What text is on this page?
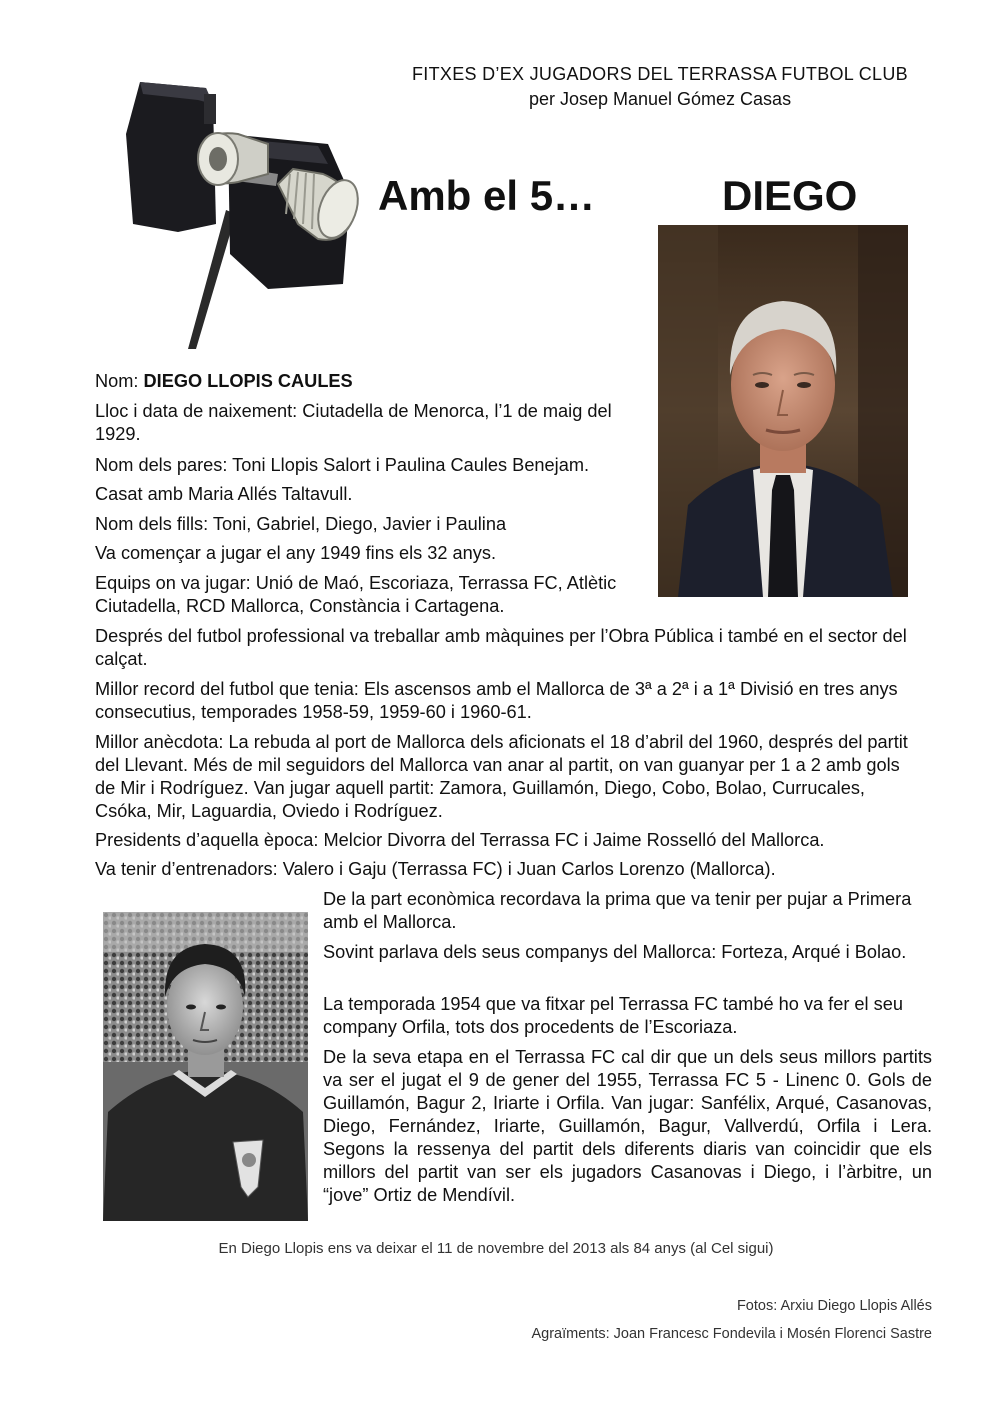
FITXES D’EX JUGADORS DEL TERRASSA FUTBOL CLUB
per Josep Manuel Gómez Casas
Amb el 5…	DIEGO
Nom: DIEGO LLOPIS CAULES
Lloc i data de naixement: Ciutadella de Menorca, l’1 de maig del 1929.
Nom dels pares: Toni Llopis Salort i Paulina Caules Benejam.
Casat amb Maria Allés Taltavull.
Nom dels fills: Toni, Gabriel, Diego, Javier i Paulina
Va començar a jugar el any 1949 fins els 32 anys.
Equips on va jugar: Unió de Maó, Escoriaza, Terrassa FC, Atlètic Ciutadella, RCD Mallorca, Constància i Cartagena.
Després del futbol professional va treballar amb màquines per l’Obra Pública i també en el sector del calçat.
Millor record del futbol que tenia: Els ascensos amb el Mallorca de 3ª a 2ª i a 1ª Divisió en tres anys consecutius, temporades 1958-59, 1959-60 i 1960-61.
Millor anècdota: La rebuda al port de Mallorca dels aficionats el 18 d’abril del 1960, després del partit del Llevant. Més de mil seguidors del Mallorca van anar al partit, on van guanyar per 1 a 2 amb gols de Mir i Rodríguez. Van jugar aquell partit: Zamora, Guillamón, Diego, Cobo, Bolao, Currucales, Csóka, Mir, Laguardia, Oviedo i Rodríguez.
Presidents d’aquella època: Melcior Divorra del Terrassa FC i Jaime Rosselló del Mallorca.
Va tenir d’entrenadors: Valero i Gaju (Terrassa FC) i Juan Carlos Lorenzo (Mallorca).
De la part econòmica recordava la prima que va tenir per pujar a Primera amb el Mallorca.
Sovint parlava dels seus companys del Mallorca: Forteza, Arqué i Bolao.
La temporada 1954 que va fitxar pel Terrassa FC també ho va fer el seu company Orfila, tots dos procedents de l’Escoriaza.
De la seva etapa en el Terrassa FC cal dir que un dels seus millors partits va ser el jugat el 9 de gener del 1955, Terrassa FC 5 - Linenc 0. Gols de Guillamón, Bagur 2, Iriarte i Orfila. Van jugar: Sanfélix, Arqué, Casanovas, Diego, Fernández, Iriarte, Guillamón, Bagur, Vallverdú, Orfila i Lera. Segons la ressenya del partit dels diferents diaris van coincidir que els millors del partit van ser els jugadors Casanovas i Diego, i l’àrbitre, un “jove” Ortiz de Mendívil.
En Diego Llopis ens va deixar el 11 de novembre del 2013 als 84 anys (al Cel sigui)
Fotos: Arxiu Diego Llopis Allés
Agraïments: Joan Francesc Fondevila i Mosén Florenci Sastre
